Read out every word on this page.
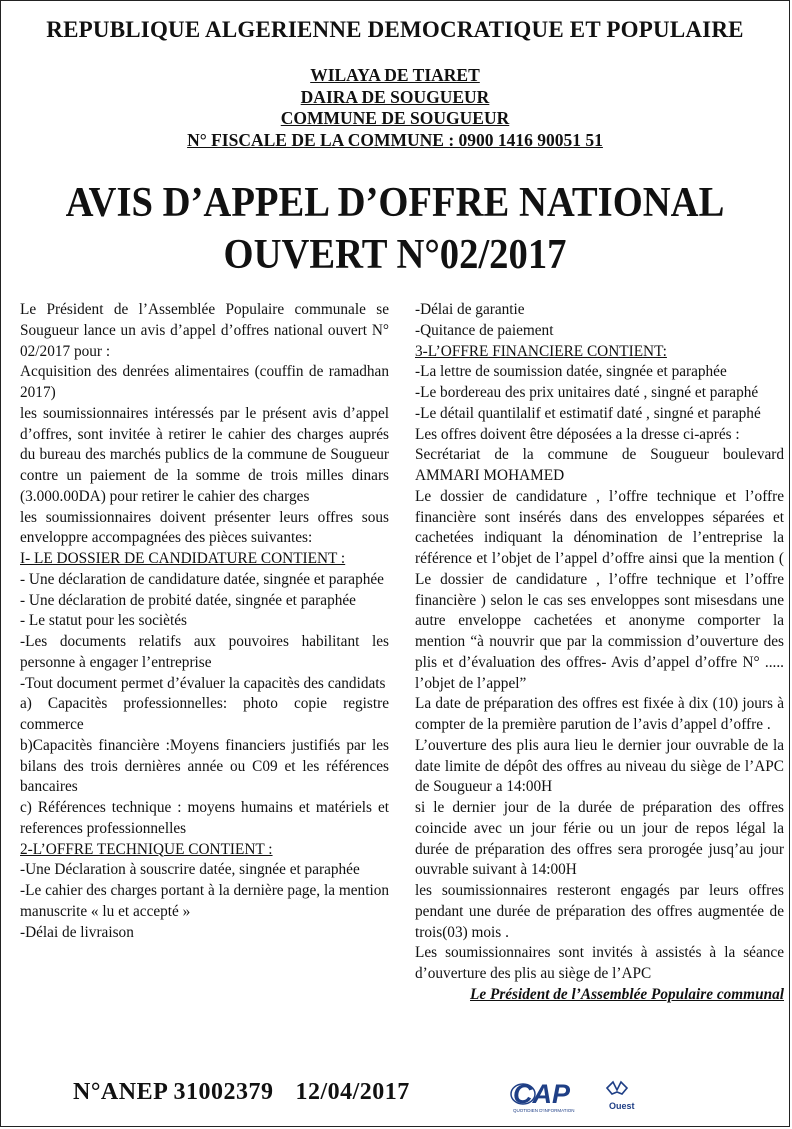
REPUBLIQUE ALGERIENNE DEMOCRATIQUE ET POPULAIRE
WILAYA DE TIARET
DAIRA DE SOUGUEUR
COMMUNE DE SOUGUEUR
N° FISCALE DE LA COMMUNE : 0900 1416 90051 51
AVIS D’APPEL D’OFFRE NATIONAL
OUVERT N°02/2017

Le Président de l’Assemblée Populaire communale se Sougueur lance un avis d’appel d’offres national ouvert N° 02/2017 pour :

Acquisition des denrées alimentaires (couffin de ramadhan 2017)

les soumissionnaires intéressés par le présent avis d’appel d’offres, sont invitée à retirer le cahier des charges auprés du bureau des marchés publics de la commune de Sougueur contre un paiement de la somme de trois milles dinars (3.000.00DA) pour retirer le cahier des charges

les soumissionnaires doivent présenter leurs offres sous enveloppre accompagnées des pièces suivantes:

I- LE DOSSIER DE CANDIDATURE CONTIENT :

- Une déclaration de candidature datée, singnée et paraphée

- Une déclaration de probité datée, singnée et paraphée

- Le statut pour les sociètés

-Les documents relatifs aux pouvoires habilitant les personne à engager l’entreprise

-Tout document permet d’évaluer la capacitès des candidats

a) Capacitès professionnelles: photo copie registre commerce

b)Capacitès financière :Moyens financiers justifiés par les bilans des trois dernières année ou C09 et les références bancaires

c) Références technique : moyens humains et matériels et references professionnelles

2-L’OFFRE TECHNIQUE CONTIENT :

-Une Déclaration à souscrire datée, singnée et paraphée

-Le cahier des charges portant à la dernière page, la mention manuscrite « lu et accepté »

-Délai de livraison

-Délai de garantie

-Quitance de paiement

3-L’OFFRE FINANCIERE CONTIENT:

-La lettre de soumission datée, singnée et paraphée

-Le bordereau des prix unitaires daté , singné et paraphé

-Le détail quantilalif et estimatif daté , singné et paraphé

Les offres doivent être déposées a la dresse ci-aprés :

Secrétariat de la commune de Sougueur boulevard AMMARI MOHAMED

Le dossier de candidature , l’offre technique et l’offre financière sont insérés dans des enveloppes séparées et cachetées indiquant la dénomination de l’entreprise la référence et l’objet de l’appel d’offre ainsi que la mention ( Le dossier de candidature , l’offre technique et l’offre financière ) selon le cas ses enveloppes sont misesdans une autre enveloppe cachetées et anonyme comporter la mention “à nouvrir que par la commission d’ouverture des plis et d’évaluation des offres- Avis d’appel d’offre N° ..... l’objet de l’appel”

La date de préparation des offres est fixée à dix (10) jours à compter de la première parution de l’avis d’appel d’offre .

L’ouverture des plis aura lieu le dernier jour ouvrable de la date limite de dépôt des offres au niveau du siège de l’APC de Sougueur a 14:00H

si le dernier jour de la durée de préparation des offres coincide avec un jour férie ou un jour de repos légal la durée de préparation des offres sera prorogée jusq’au jour ouvrable suivant à 14:00H

les soumissionnaires resteront engagés par leurs offres pendant une durée de préparation des offres augmentée de trois(03) mois .

Les soumissionnaires sont invités à assistés à la séance d’ouverture des plis au siège de l’APC

Le Président de l’Assemblée Populaire communal

N°ANEP 31002379 12/04/2017	CAP	Ouest
QUOTIDIEN D'INFORMATION
